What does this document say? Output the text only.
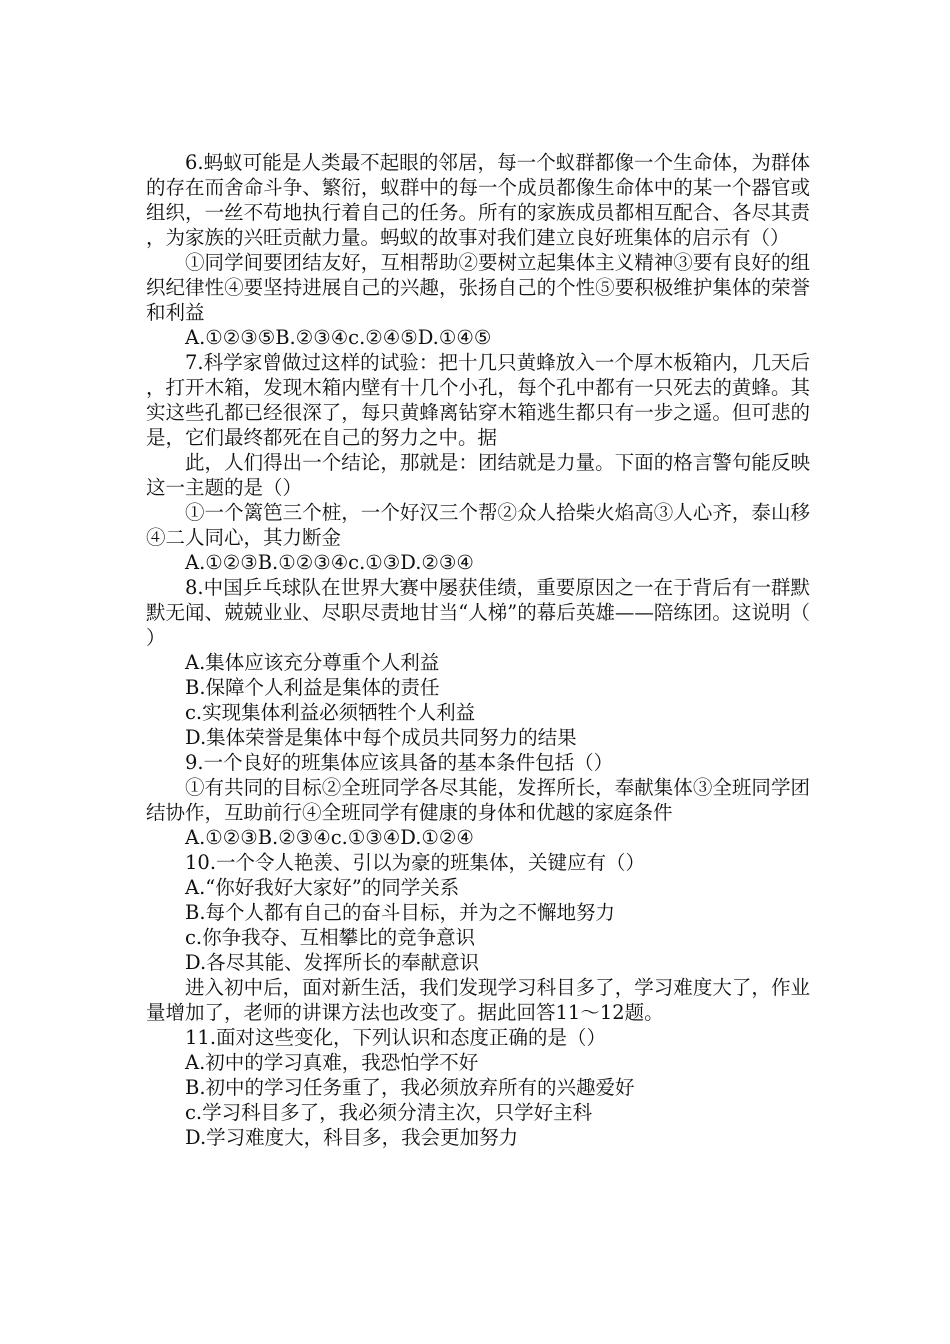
6.蚂蚁可能是人类最不起眼的邻居，每一个蚁群都像一个生命体，为群体的存在而舍命斗争、繁衍，蚁群中的每一个成员都像生命体中的某一个器官或组织，一丝不苟地执行着自己的任务。所有的家族成员都相互配合、各尽其责，为家族的兴旺贡献力量。蚂蚁的故事对我们建立良好班集体的启示有（）

①同学间要团结友好，互相帮助②要树立起集体主义精神③要有良好的组织纪律性④要坚持进展自己的兴趣，张扬自己的个性⑤要积极维护集体的荣誉和利益

A.①②③⑤B.②③④c.②④⑤D.①④⑤

7.科学家曾做过这样的试验：把十几只黄蜂放入一个厚木板箱内，几天后，打开木箱，发现木箱内壁有十几个小孔，每个孔中都有一只死去的黄蜂。其实这些孔都已经很深了，每只黄蜂离钻穿木箱逃生都只有一步之遥。但可悲的是，它们最终都死在自己的努力之中。据

此，人们得出一个结论，那就是：团结就是力量。下面的格言警句能反映这一主题的是（）

①一个篱笆三个桩，一个好汉三个帮②众人拾柴火焰高③人心齐，泰山移④二人同心，其力断金

A.①②③B.①②③④c.①③D.②③④

8.中国乒乓球队在世界大赛中屡获佳绩，重要原因之一在于背后有一群默默无闻、兢兢业业、尽职尽责地甘当“人梯”的幕后英雄——陪练团。这说明（）

A.集体应该充分尊重个人利益

B.保障个人利益是集体的责任

c.实现集体利益必须牺牲个人利益

D.集体荣誉是集体中每个成员共同努力的结果

9.一个良好的班集体应该具备的基本条件包括（）

①有共同的目标②全班同学各尽其能，发挥所长，奉献集体③全班同学团结协作，互助前行④全班同学有健康的身体和优越的家庭条件

A.①②③B.②③④c.①③④D.①②④

10.一个令人艳羡、引以为豪的班集体，关键应有（）

A.“你好我好大家好”的同学关系

B.每个人都有自己的奋斗目标，并为之不懈地努力

c.你争我夺、互相攀比的竞争意识

D.各尽其能、发挥所长的奉献意识

进入初中后，面对新生活，我们发现学习科目多了，学习难度大了，作业量增加了，老师的讲课方法也改变了。据此回答11～12题。

11.面对这些变化，下列认识和态度正确的是（）

A.初中的学习真难，我恐怕学不好

B.初中的学习任务重了，我必须放弃所有的兴趣爱好

c.学习科目多了，我必须分清主次，只学好主科

D.学习难度大，科目多，我会更加努力
